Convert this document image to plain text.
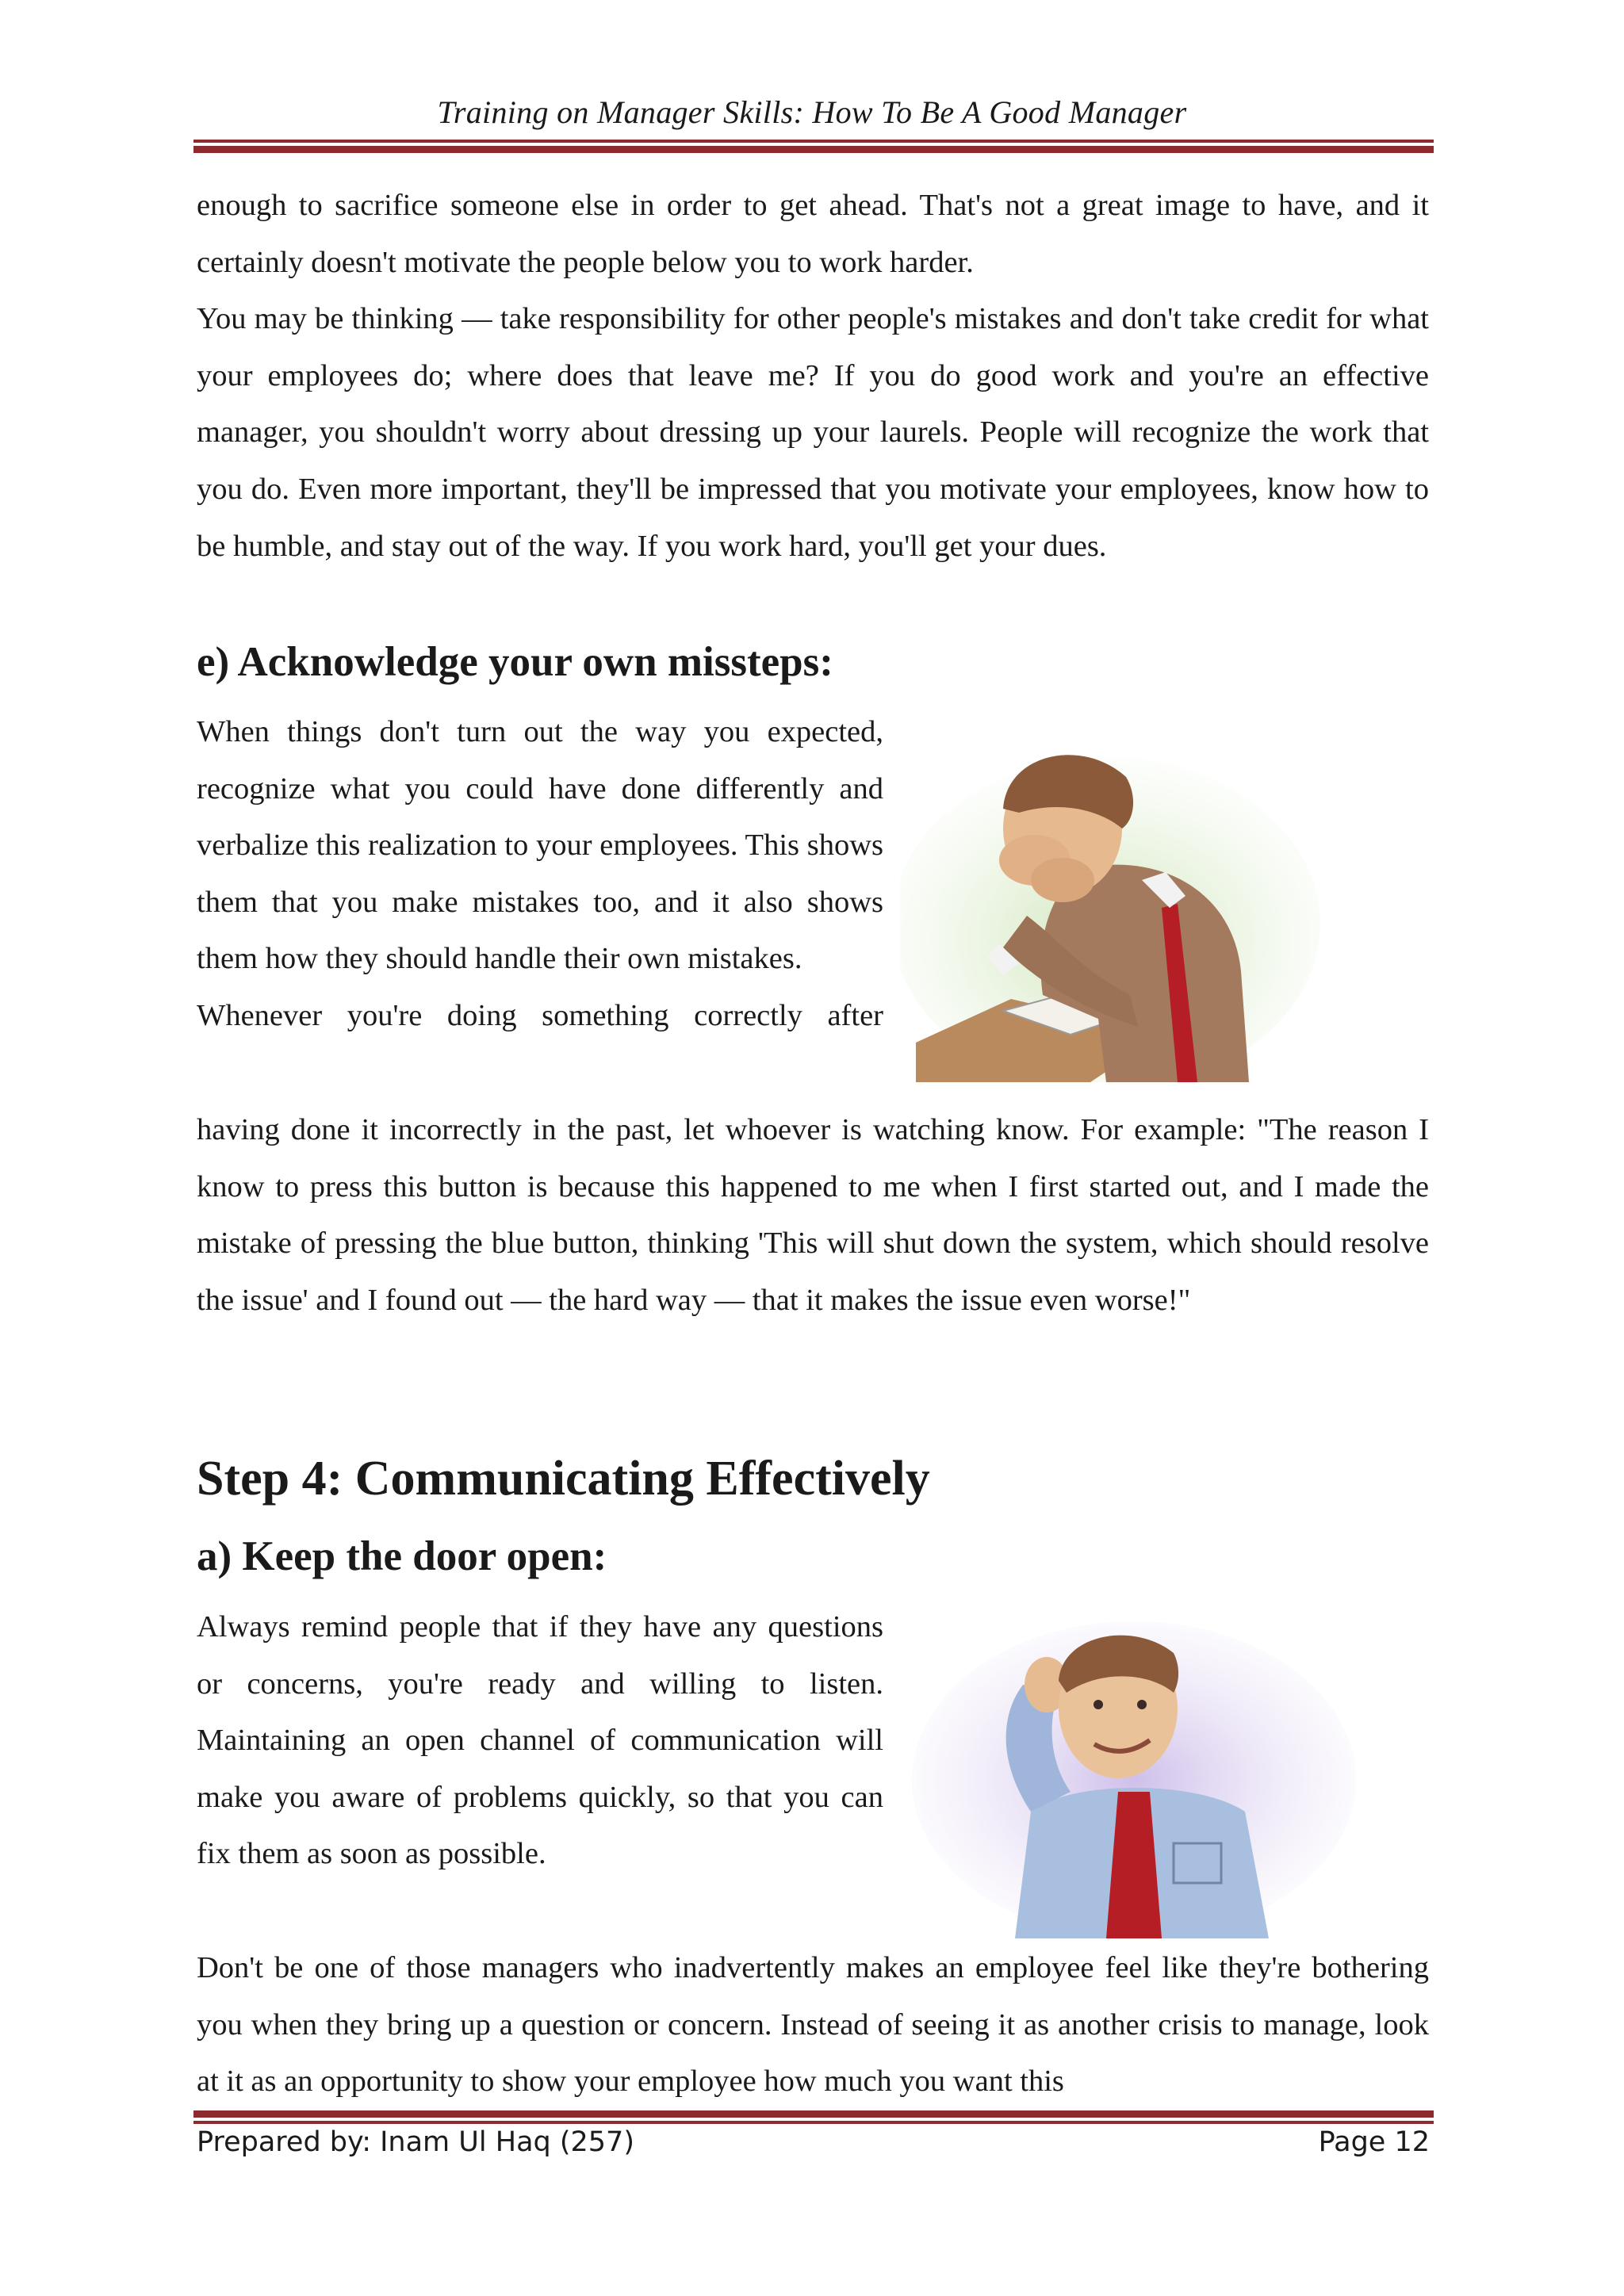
Training on Manager Skills: How To Be A Good Manager

enough to sacrifice someone else in order to get ahead. That's not a great image to have, and it certainly doesn't motivate the people below you to work harder.

You may be thinking — take responsibility for other people's mistakes and don't take credit for what your employees do; where does that leave me? If you do good work and you're an effective manager, you shouldn't worry about dressing up your laurels. People will recognize the work that you do. Even more important, they'll be impressed that you motivate your employees, know how to be humble, and stay out of the way. If you work hard, you'll get your dues.

e) Acknowledge your own missteps:

When things don't turn out the way you expected, recognize what you could have done differently and verbalize this realization to your employees. This shows them that you make mistakes too, and it also shows them how they should handle their own mistakes.

Whenever you're doing something correctly after

having done it incorrectly in the past, let whoever is watching know. For example: "The reason I know to press this button is because this happened to me when I first started out, and I made the mistake of pressing the blue button, thinking 'This will shut down the system, which should resolve the issue' and I found out — the hard way — that it makes the issue even worse!"

Step 4: Communicating Effectively
a) Keep the door open:

Always remind people that if they have any questions or concerns, you're ready and willing to listen. Maintaining an open channel of communication will make you aware of problems quickly, so that you can fix them as soon as possible.

Don't be one of those managers who inadvertently makes an employee feel like they're bothering you when they bring up a question or concern. Instead of seeing it as another crisis to manage, look at it as an opportunity to show your employee how much you want this

Prepared by: Inam Ul Haq (257)	Page 12
